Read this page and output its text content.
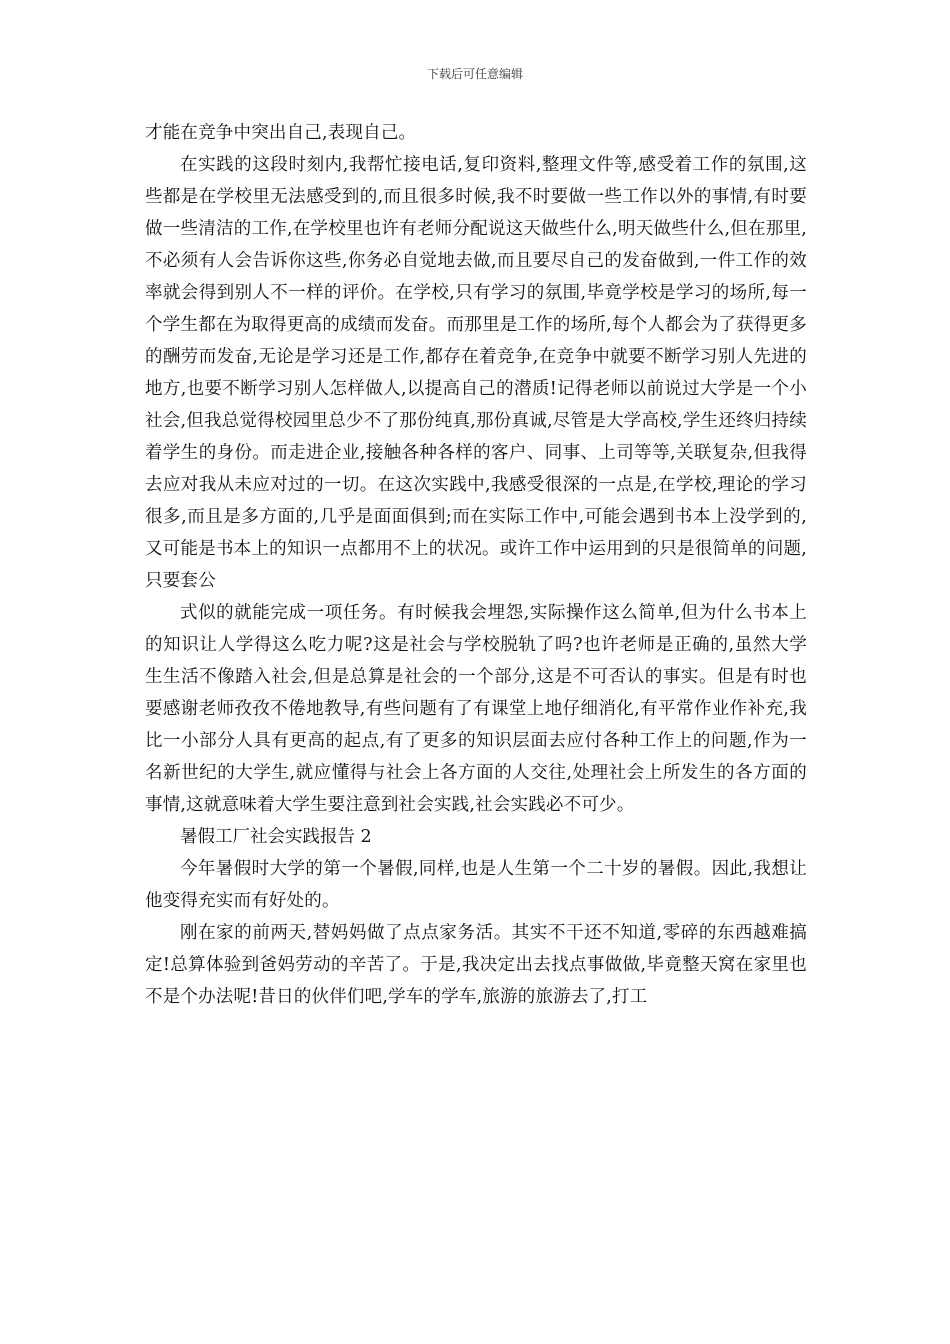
下载后可任意编辑

才能在竞争中突出自己,表现自己。

在实践的这段时刻内,我帮忙接电话,复印资料,整理文件等,感受着工作的氛围,这些都是在学校里无法感受到的,而且很多时候,我不时要做一些工作以外的事情,有时要做一些清洁的工作,在学校里也许有老师分配说这天做些什么,明天做些什么,但在那里,不必须有人会告诉你这些,你务必自觉地去做,而且要尽自己的发奋做到,一件工作的效率就会得到别人不一样的评价。在学校,只有学习的氛围,毕竟学校是学习的场所,每一个学生都在为取得更高的成绩而发奋。而那里是工作的场所,每个人都会为了获得更多的酬劳而发奋,无论是学习还是工作,都存在着竞争,在竞争中就要不断学习别人先进的地方,也要不断学习别人怎样做人,以提高自己的潜质!记得老师以前说过大学是一个小社会,但我总觉得校园里总少不了那份纯真,那份真诚,尽管是大学高校,学生还终归持续着学生的身份。而走进企业,接触各种各样的客户、同事、上司等等,关联复杂,但我得去应对我从未应对过的一切。在这次实践中,我感受很深的一点是,在学校,理论的学习很多,而且是多方面的,几乎是面面俱到;而在实际工作中,可能会遇到书本上没学到的,又可能是书本上的知识一点都用不上的状况。或许工作中运用到的只是很简单的问题,只要套公

式似的就能完成一项任务。有时候我会埋怨,实际操作这么简单,但为什么书本上的知识让人学得这么吃力呢?这是社会与学校脱轨了吗?也许老师是正确的,虽然大学生生活不像踏入社会,但是总算是社会的一个部分,这是不可否认的事实。但是有时也要感谢老师孜孜不倦地教导,有些问题有了有课堂上地仔细消化,有平常作业作补充,我比一小部分人具有更高的起点,有了更多的知识层面去应付各种工作上的问题,作为一名新世纪的大学生,就应懂得与社会上各方面的人交往,处理社会上所发生的各方面的事情,这就意味着大学生要注意到社会实践,社会实践必不可少。

暑假工厂社会实践报告 2

今年暑假时大学的第一个暑假,同样,也是人生第一个二十岁的暑假。因此,我想让他变得充实而有好处的。

刚在家的前两天,替妈妈做了点点家务活。其实不干还不知道,零碎的东西越难搞定!总算体验到爸妈劳动的辛苦了。于是,我决定出去找点事做做,毕竟整天窝在家里也不是个办法呢!昔日的伙伴们吧,学车的学车,旅游的旅游去了,打工
